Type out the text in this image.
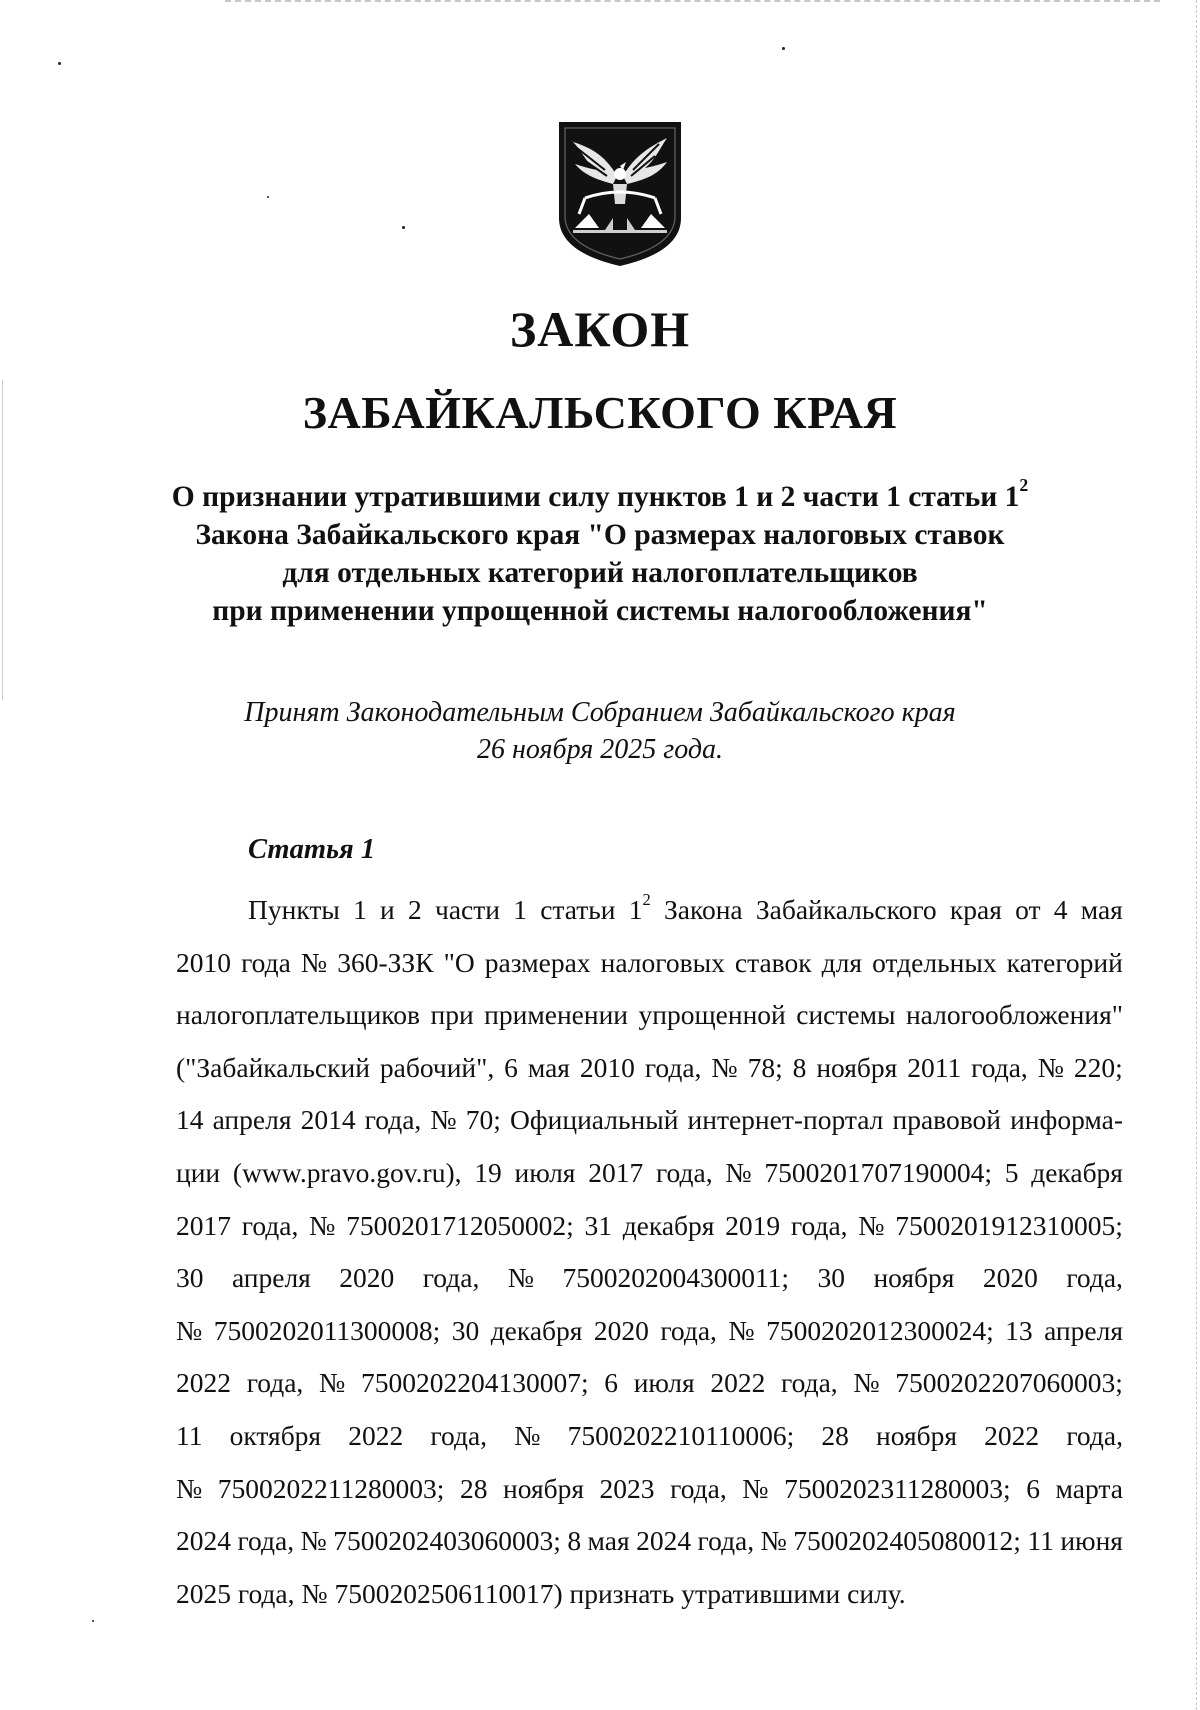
ЗАКОН
ЗАБАЙКАЛЬСКОГО КРАЯ
О признании утратившими силу пунктов 1 и 2 части 1 статьи $1^2$
Закона Забайкальского края "О размерах налоговых ставок
для отдельных категорий налогоплательщиков
при применении упрощенной системы налогообложения"
Принят Законодательным Собранием Забайкальского края
26 ноября 2025 года.
Статья 1
Пункты 1 и 2 части 1 статьи $1^2$ Закона Забайкальского края от 4 мая
2010 года № 360-ЗЗК "О размерах налоговых ставок для отдельных категорий
налогоплательщиков при применении упрощенной системы налогообложения"
("Забайкальский рабочий", 6 мая 2010 года, № 78; 8 ноября 2011 года, № 220;
14 апреля 2014 года, № 70; Официальный интернет-портал правовой информа-
ции (www.pravo.gov.ru), 19 июля 2017 года, № 7500201707190004; 5 декабря
2017 года, № 7500201712050002; 31 декабря 2019 года, № 7500201912310005;
30 апреля 2020 года, № 7500202004300011; 30 ноября 2020 года,
№ 7500202011300008; 30 декабря 2020 года, № 7500202012300024; 13 апреля
2022 года, № 7500202204130007; 6 июля 2022 года, № 7500202207060003;
11 октября 2022 года, № 7500202210110006; 28 ноября 2022 года,
№ 7500202211280003; 28 ноября 2023 года, № 7500202311280003; 6 марта
2024 года, № 7500202403060003; 8 мая 2024 года, № 7500202405080012; 11 июня
2025 года, № 7500202506110017) признать утратившими силу.
